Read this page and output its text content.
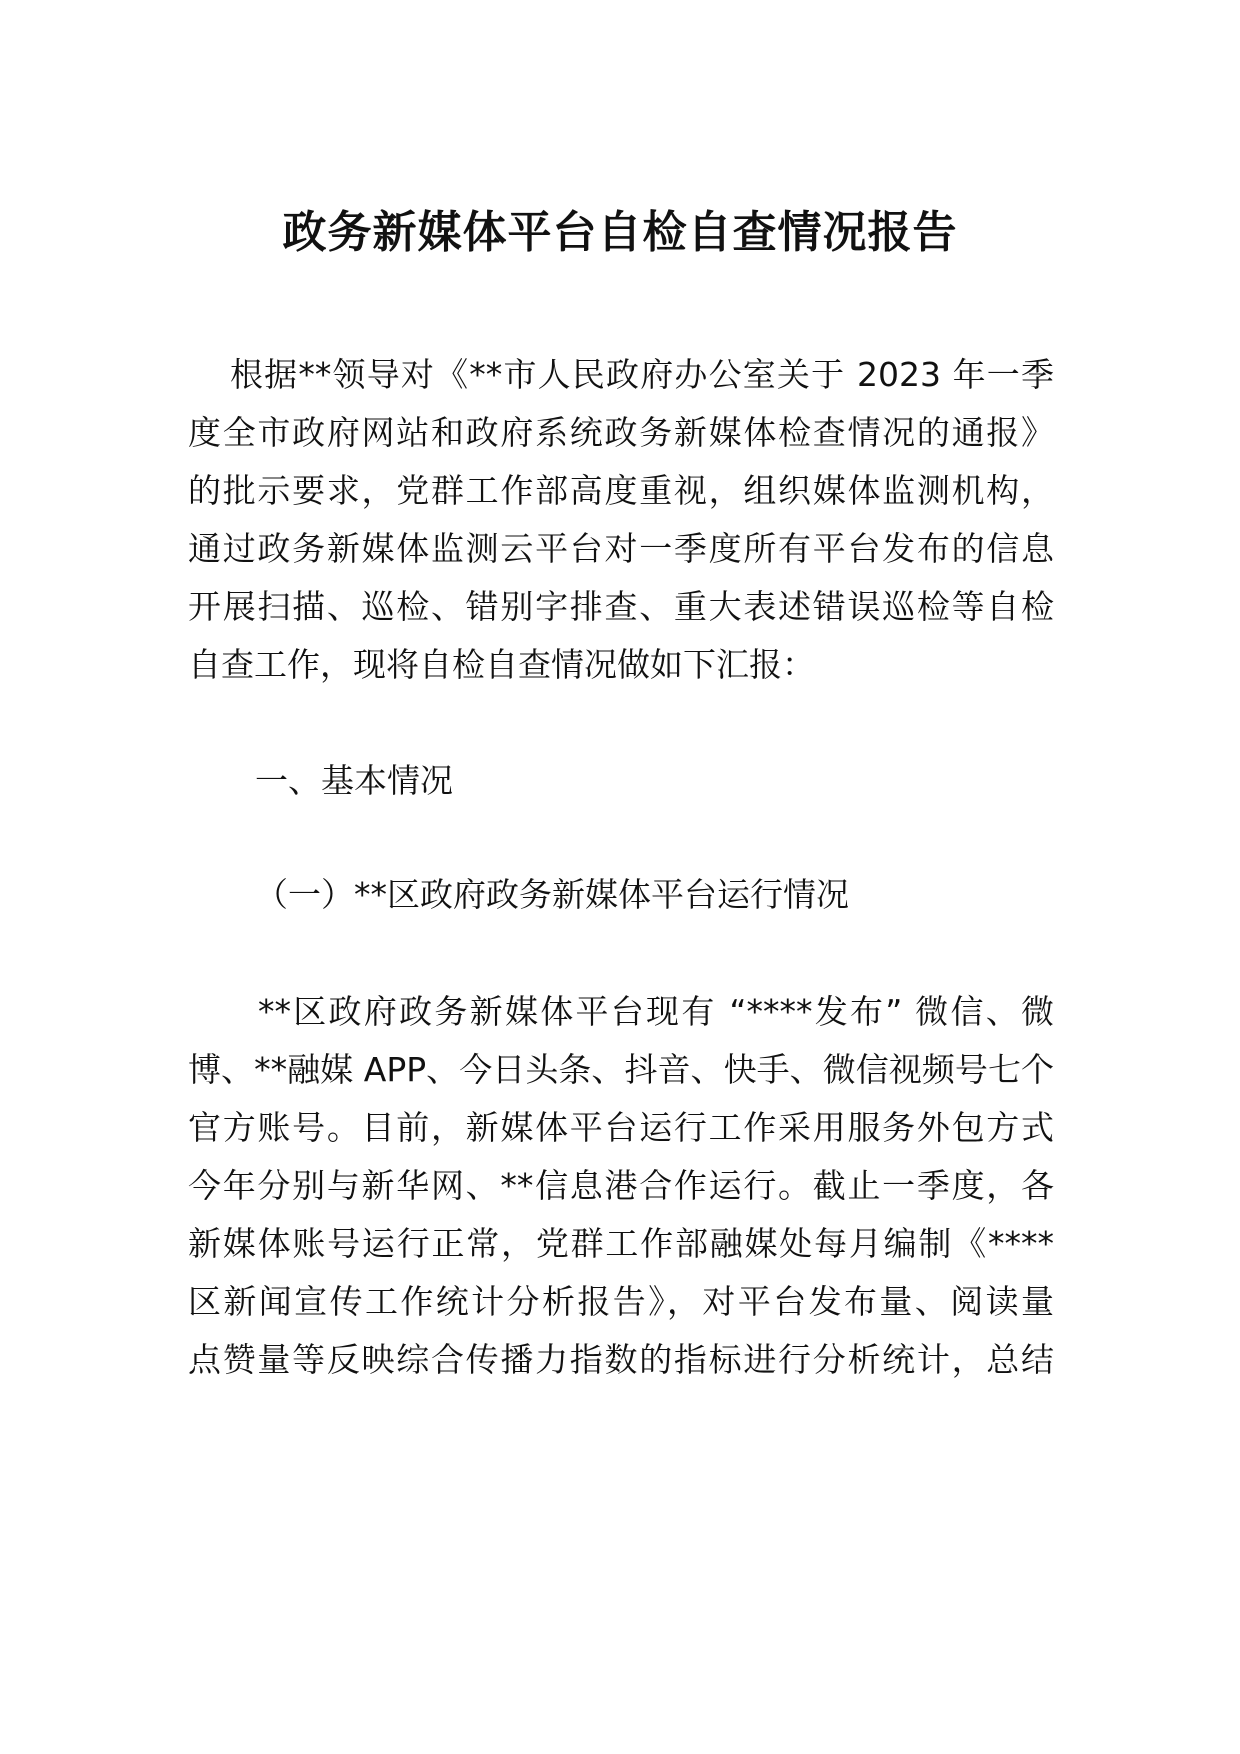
政务新媒体平台自检自查情况报告
根据**领导对《**市人民政府办公室关于 2023 年一季
度全市政府网站和政府系统政务新媒体检查情况的通报》
的批示要求，党群工作部高度重视，组织媒体监测机构，
通过政务新媒体监测云平台对一季度所有平台发布的信息
开展扫描、巡检、错别字排查、重大表述错误巡检等自检
自查工作，现将自检自查情况做如下汇报：
一、基本情况
（一）**区政府政务新媒体平台运行情况
**区政府政务新媒体平台现有 “****发布” 微信、微
博、**融媒 APP、今日头条、抖音、快手、微信视频号七个
官方账号。目前，新媒体平台运行工作采用服务外包方式
今年分别与新华网、**信息港合作运行。截止一季度，各
新媒体账号运行正常，党群工作部融媒处每月编制《****
区新闻宣传工作统计分析报告》，对平台发布量、阅读量
点赞量等反映综合传播力指数的指标进行分析统计，总结
